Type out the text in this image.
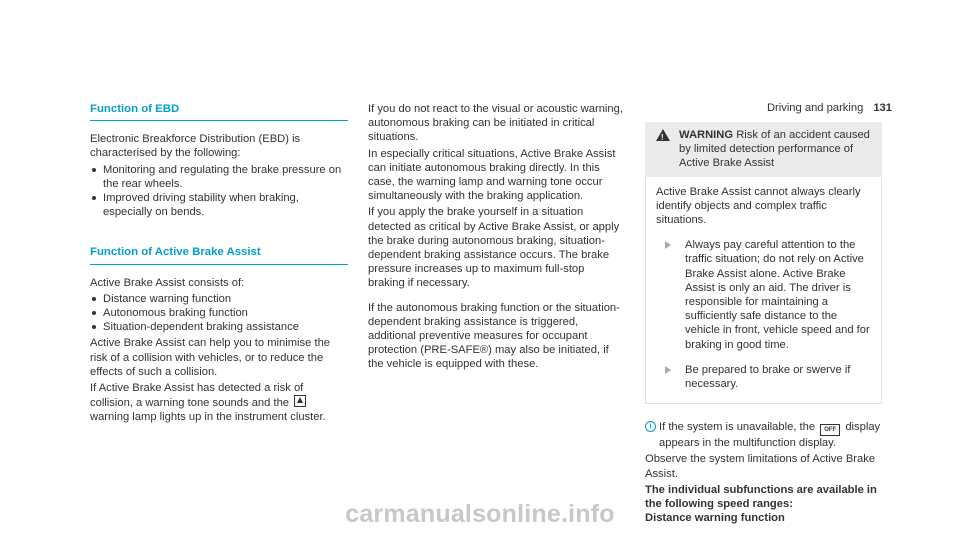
Driving and parking 131
Function of EBD

Electronic Breakforce Distribution (EBD) is characterised by the following:

Monitoring and regulating the brake pressure on the rear wheels.
Improved driving stability when braking, especially on bends.
Function of Active Brake Assist

Active Brake Assist consists of:

Distance warning function
Autonomous braking function
Situation-dependent braking assistance

Active Brake Assist can help you to minimise the risk of a collision with vehicles, or to reduce the effects of such a collision.

If Active Brake Assist has detected a risk of collision, a warning tone sounds and the  warning lamp lights up in the instrument cluster.

If you do not react to the visual or acoustic warning, autonomous braking can be initiated in critical situations.

In especially critical situations, Active Brake Assist can initiate autonomous braking directly. In this case, the warning lamp and warning tone occur simultaneously with the braking application.

If you apply the brake yourself in a situation detected as critical by Active Brake Assist, or apply the brake during autonomous braking, situation-dependent braking assistance occurs. The brake pressure increases up to maximum full-stop braking if necessary.

If the autonomous braking function or the situation-dependent braking assistance is triggered, additional preventive measures for occupant protection (PRE-SAFE®) may also be initiated, if the vehicle is equipped with these.

!
WARNING Risk of an accident caused by limited detection performance of Active Brake Assist

Active Brake Assist cannot always clearly identify objects and complex traffic situations.

Always pay careful attention to the traffic situation; do not rely on Active Brake Assist alone. Active Brake Assist is only an aid. The driver is responsible for maintaining a sufficiently safe distance to the vehicle in front, vehicle speed and for braking in good time.
Be prepared to brake or swerve if necessary.
i If the system is unavailable, the OFF display appears in the multifunction display.

Observe the system limitations of Active Brake Assist.

The individual subfunctions are available in the following speed ranges:

Distance warning function

carmanualsonline.info
